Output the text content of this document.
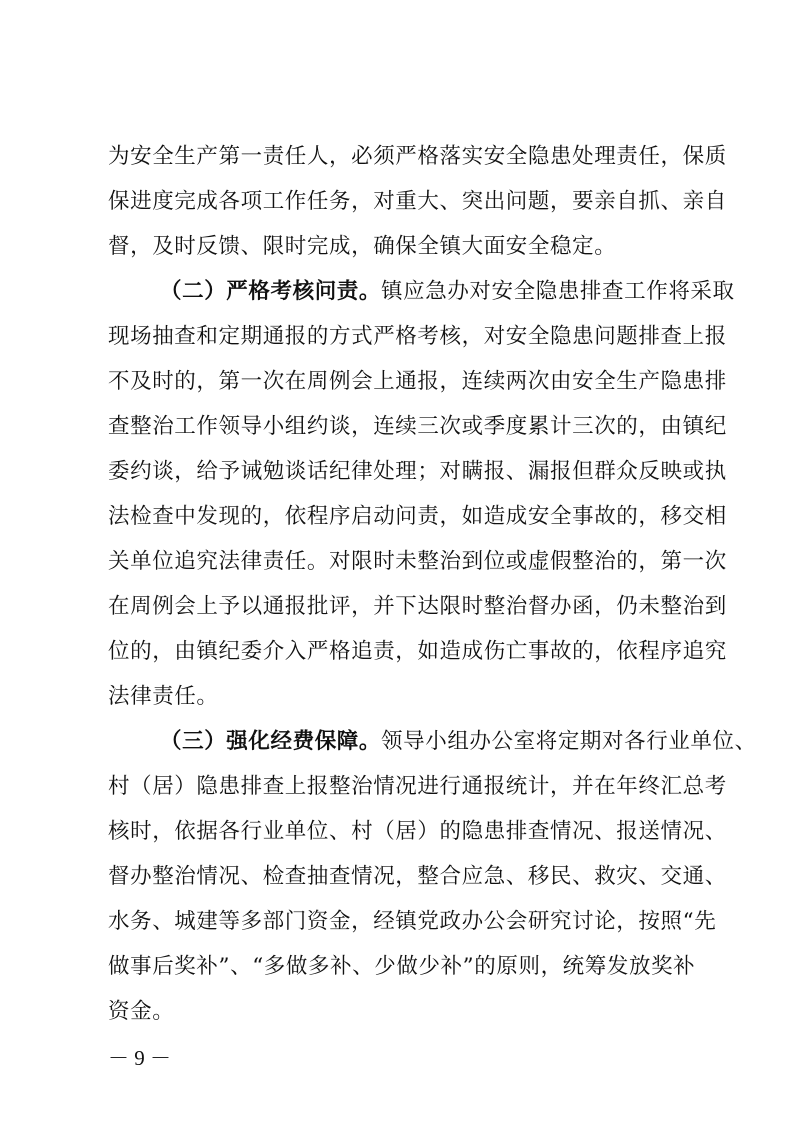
为安全生产第一责任人，必须严格落实安全隐患处理责任，保质
保进度完成各项工作任务，对重大、突出问题，要亲自抓、亲自
督，及时反馈、限时完成，确保全镇大面安全稳定。
（二）严格考核问责。镇应急办对安全隐患排查工作将采取
现场抽查和定期通报的方式严格考核，对安全隐患问题排查上报
不及时的，第一次在周例会上通报，连续两次由安全生产隐患排
查整治工作领导小组约谈，连续三次或季度累计三次的，由镇纪
委约谈，给予诫勉谈话纪律处理；对瞒报、漏报但群众反映或执
法检查中发现的，依程序启动问责，如造成安全事故的，移交相
关单位追究法律责任。对限时未整治到位或虚假整治的，第一次
在周例会上予以通报批评，并下达限时整治督办函，仍未整治到
位的，由镇纪委介入严格追责，如造成伤亡事故的，依程序追究
法律责任。
（三）强化经费保障。领导小组办公室将定期对各行业单位、
村（居）隐患排查上报整治情况进行通报统计，并在年终汇总考
核时，依据各行业单位、村（居）的隐患排查情况、报送情况、
督办整治情况、检查抽查情况，整合应急、移民、救灾、交通、
水务、城建等多部门资金，经镇党政办公会研究讨论，按照“先
做事后奖补”、“多做多补、少做少补”的原则，统筹发放奖补
资金。
－ 9 －
